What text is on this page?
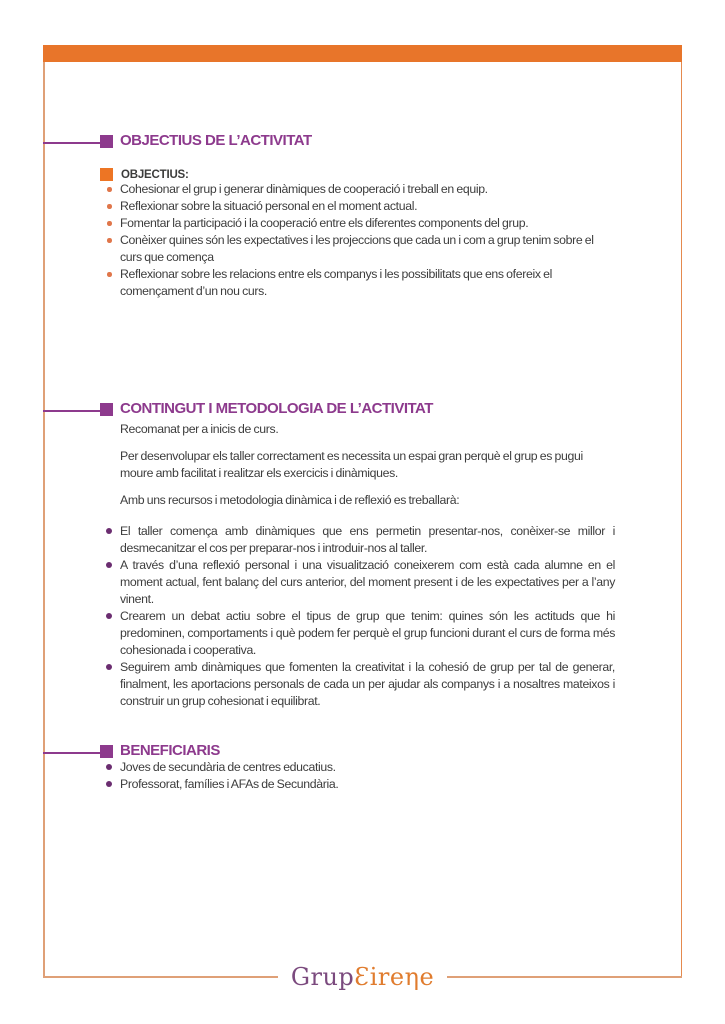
OBJECTIUS DE L’ACTIVITAT
OBJECTIUS:
Cohesionar el grup i generar dinàmiques de cooperació i treball en equip.
Reflexionar sobre la situació personal en el moment actual.
Fomentar la participació i la cooperació entre els diferentes components del grup.
Conèixer quines són les expectatives i les projeccions que cada un i com a grup tenim sobre el curs que comença
Reflexionar sobre les relacions entre els companys i les possibilitats que ens ofereix el començament d’un nou curs.
CONTINGUT I METODOLOGIA DE L’ACTIVITAT

Recomanat per a inicis de curs.

Per desenvolupar els taller correctament es necessita un espai gran perquè el grup es pugui moure amb facilitat i realitzar els exercicis i dinàmiques.

Amb uns recursos i metodologia dinàmica i de reflexió es treballarà:

El taller comença amb dinàmiques que ens permetin presentar-nos, conèixer-se millor i desmecanitzar el cos per preparar-nos i introduir-nos al taller.
A través d’una reflexió personal i una visualització coneixerem com està cada alumne en el moment actual, fent balanç del curs anterior, del moment present i de les expectatives per a l’any vinent.
Crearem un debat actiu sobre el tipus de grup que tenim: quines són les actituds que hi predominen, comportaments i què podem fer perquè el grup funcioni durant el curs de forma més cohesionada i cooperativa.
Seguirem amb dinàmiques que fomenten la creativitat i la cohesió de grup per tal de generar, finalment, les aportacions personals de cada un per ajudar als companys i a nosaltres mateixos i construir un grup cohesionat i equilibrat.
BENEFICIARIS
Joves de secundària de centres educatius.
Professorat, famílies i AFAs de Secundària.
GrupƐireηe
